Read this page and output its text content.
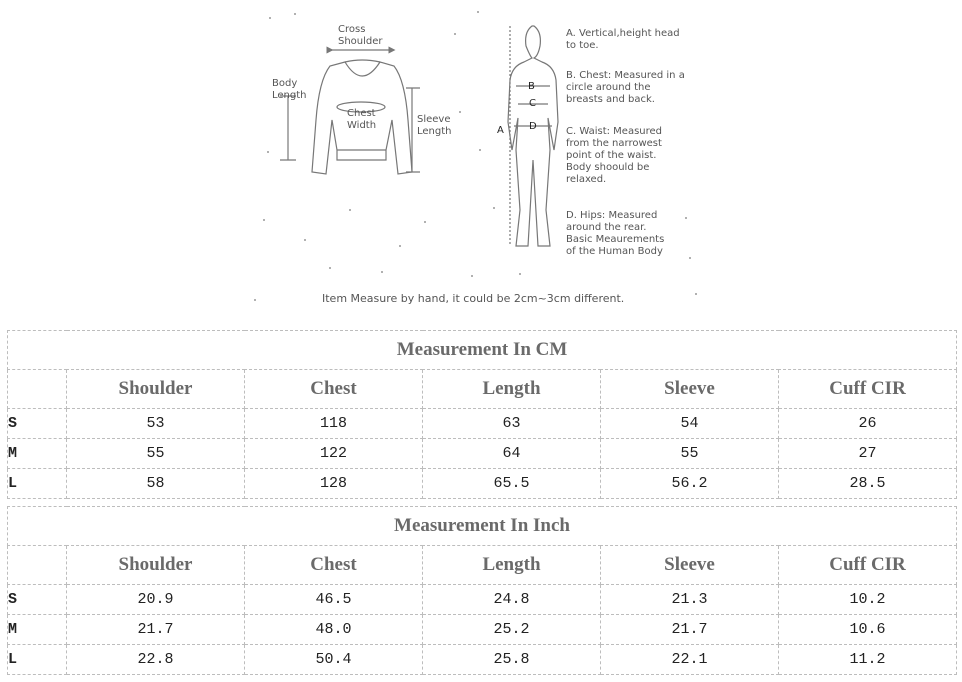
Cross
Shoulder
Body
Length
Chest
Width
Sleeve
Length
B
C
A	D
A. Vertical,height head
to toe.
B. Chest: Measured in a
circle around the
breasts and back.
C. Waist: Measured
from the narrowest
point of the waist.
Body shoould be
relaxed.
D. Hips: Measured
around the rear.
Basic Meaurements
of the Human Body
Item Measure by hand, it could be 2cm~3cm different.
Measurement In CM					
	Shoulder	Chest	Length	Sleeve	Cuff CIR
S	53	118	63	54	26
M	55	122	64	55	27
L	58	128	65.5	56.2	28.5
Measurement In Inch					
	Shoulder	Chest	Length	Sleeve	Cuff CIR
S	20.9	46.5	24.8	21.3	10.2
M	21.7	48.0	25.2	21.7	10.6
L	22.8	50.4	25.8	22.1	11.2
